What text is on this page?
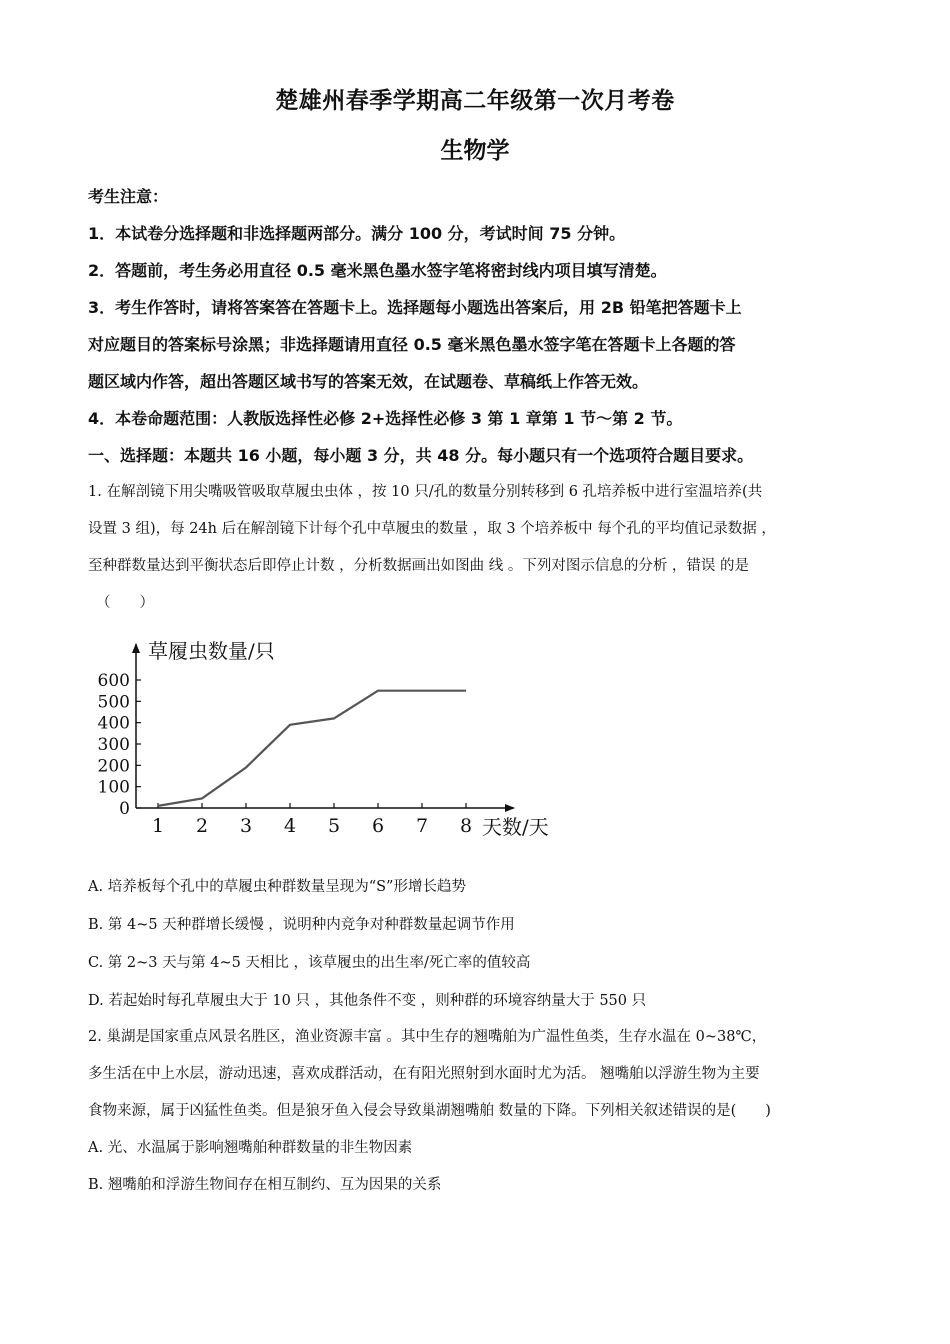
楚雄州春季学期高二年级第一次月考卷
生物学

考生注意：

1．本试卷分选择题和非选择题两部分。满分 100 分，考试时间 75 分钟。

2．答题前，考生务必用直径 0.5 毫米黑色墨水签字笔将密封线内项目填写清楚。

3．考生作答时，请将答案答在答题卡上。选择题每小题选出答案后，用 2B 铅笔把答题卡上

对应题目的答案标号涂黑；非选择题请用直径 0.5 毫米黑色墨水签字笔在答题卡上各题的答

题区域内作答，超出答题区域书写的答案无效，在试题卷、草稿纸上作答无效。

4．本卷命题范围：人教版选择性必修 2+选择性必修 3 第 1 章第 1 节～第 2 节。

一、选择题：本题共 16 小题，每小题 3 分，共 48 分。每小题只有一个选项符合题目要求。

1. 在解剖镜下用尖嘴吸管吸取草履虫虫体 ，按 10 只/孔的数量分别转移到 6 孔培养板中进行室温培养(共

设置 3 组)，每 24h 后在解剖镜下计每个孔中草履虫的数量 ，取 3 个培养板中 每个孔的平均值记录数据 ，

至种群数量达到平衡状态后即停止计数 ，分析数据画出如图曲 线 。下列对图示信息的分析 ，错误 的是

（　　）

草履虫数量/只
天数/天
0
100
200
300
400
500
600
1 2 3 4 5 6 7 8

A. 培养板每个孔中的草履虫种群数量呈现为“S”形增长趋势

B. 第 4~5 天种群增长缓慢 ，说明种内竞争对种群数量起调节作用

C. 第 2~3 天与第 4~5 天相比 ，该草履虫的出生率/死亡率的值较高

D. 若起始时每孔草履虫大于 10 只 ，其他条件不变 ，则种群的环境容纳量大于 550 只

2. 巢湖是国家重点风景名胜区，渔业资源丰富 。其中生存的翘嘴舶为广温性鱼类，生存水温在 0~38℃，

多生活在中上水层，游动迅速，喜欢成群活动，在有阳光照射到水面时尤为活。 翘嘴舶以浮游生物为主要

食物来源，属于凶猛性鱼类。但是狼牙鱼入侵会导致巢湖翘嘴舶 数量的下降。下列相关叙述错误的是(　　)

A. 光、水温属于影响翘嘴舶种群数量的非生物因素

B. 翘嘴舶和浮游生物间存在相互制约、互为因果的关系
